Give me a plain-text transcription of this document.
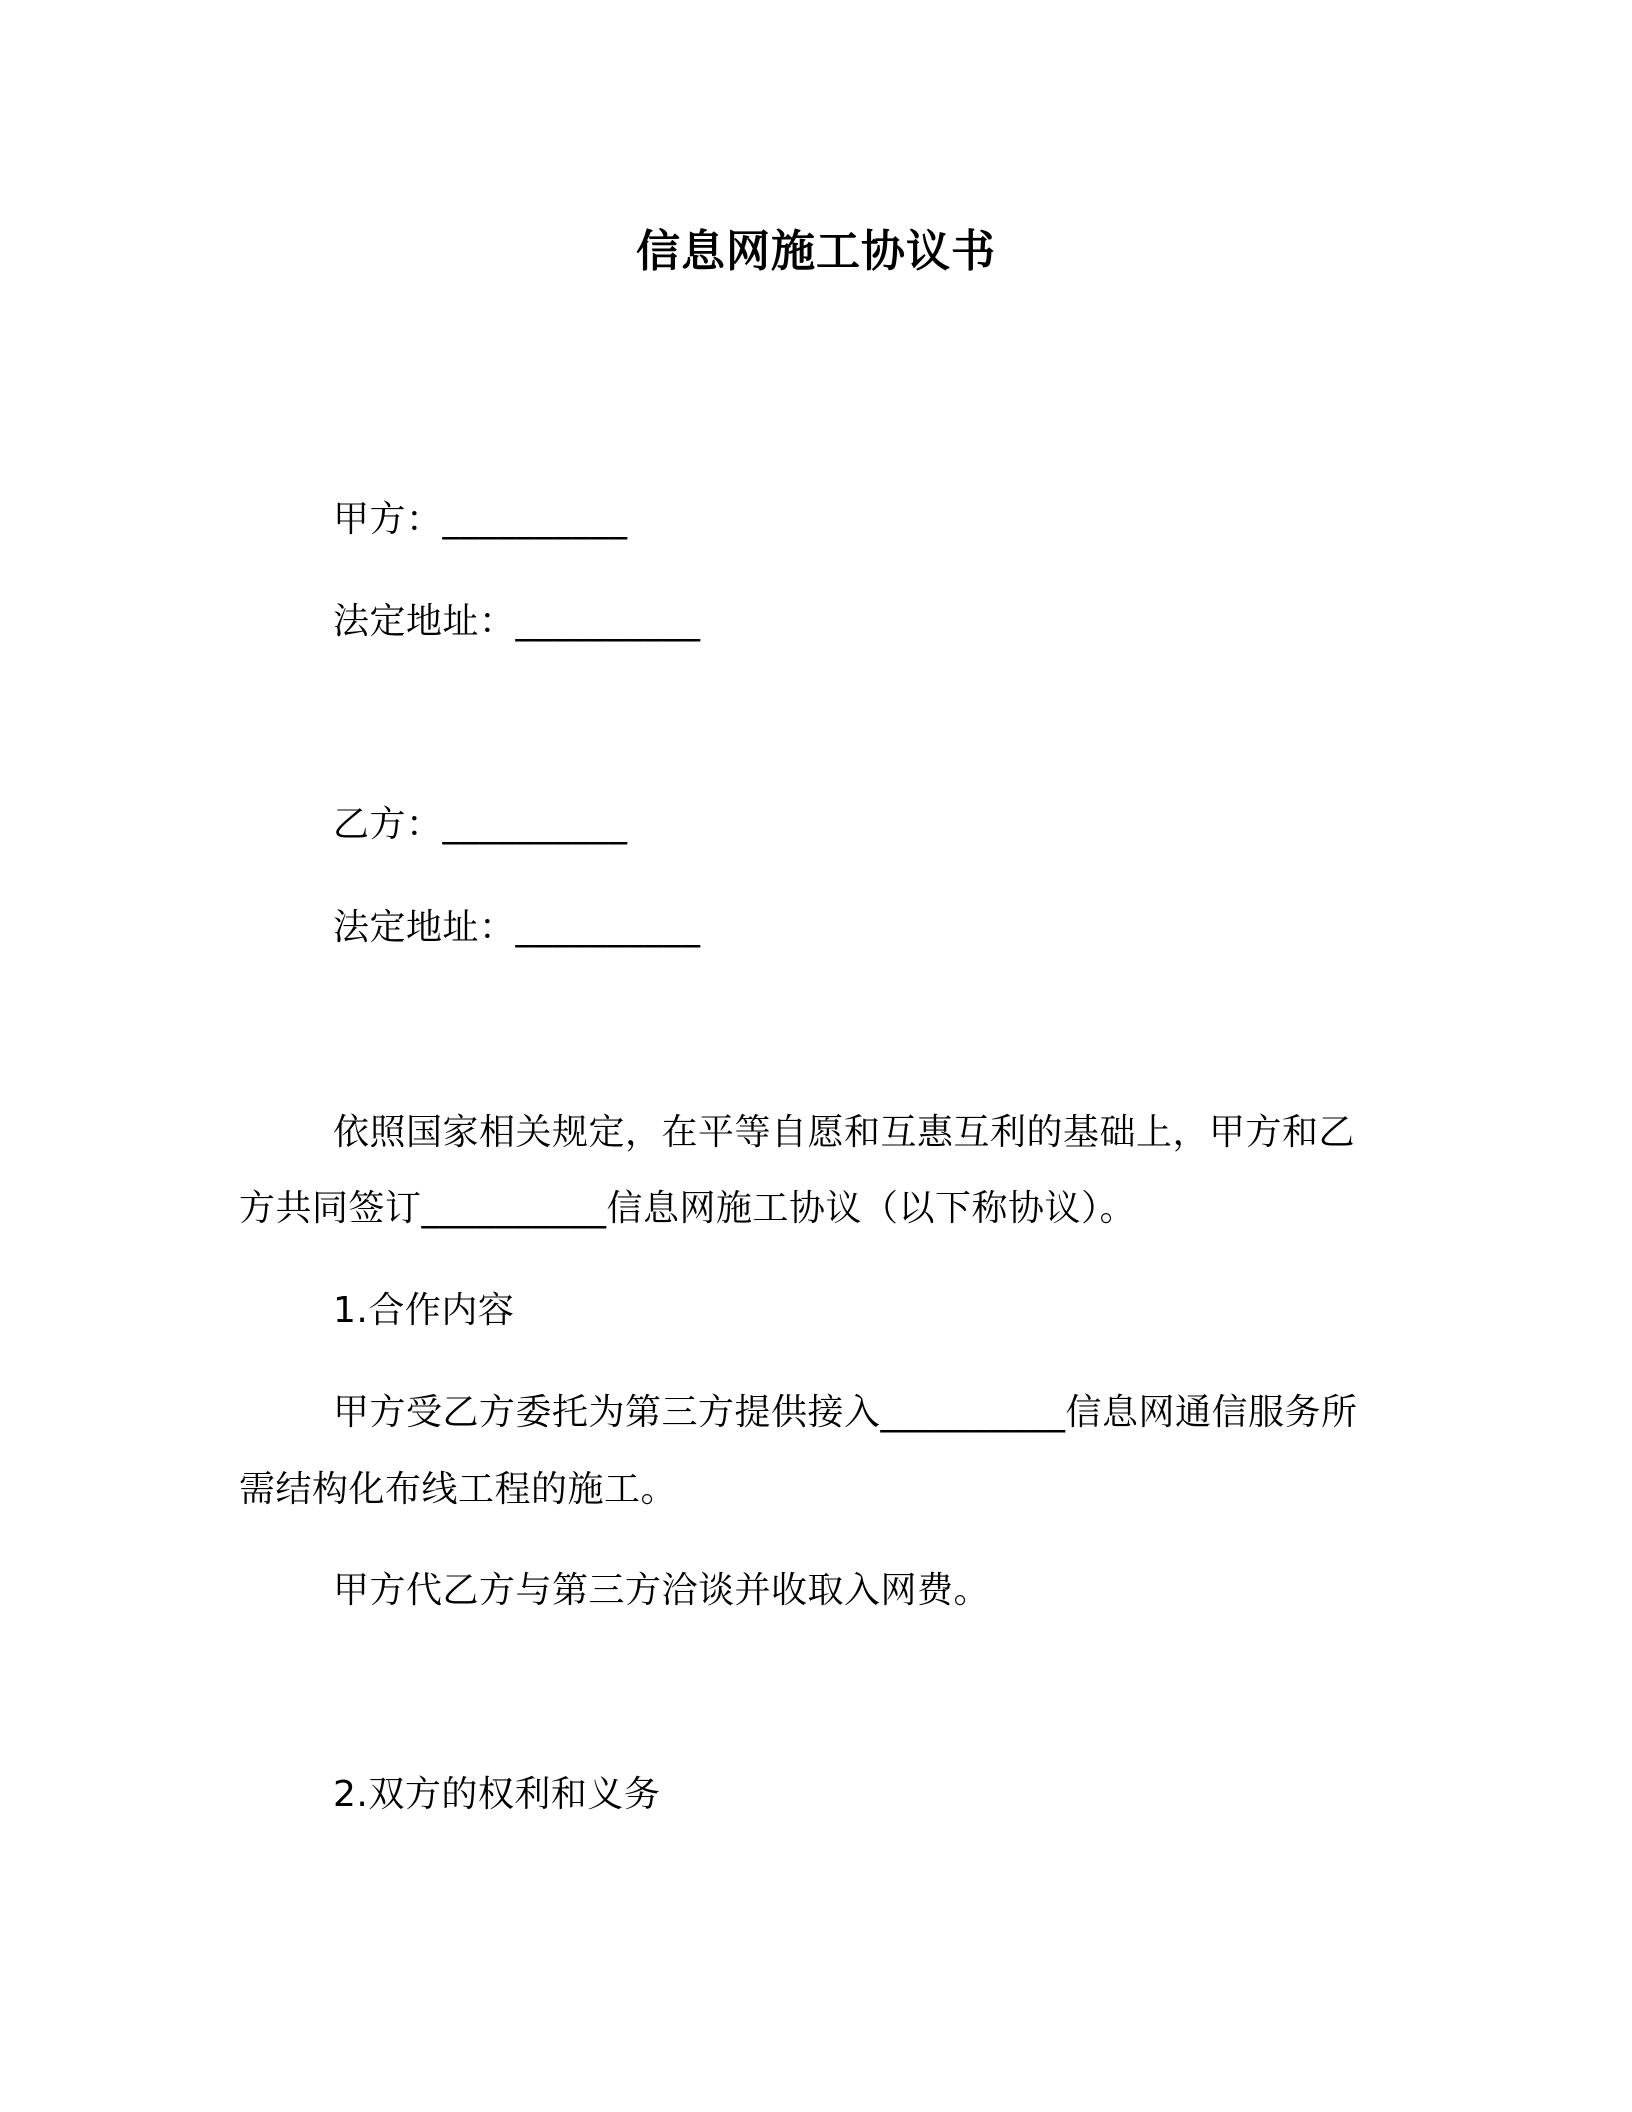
信息网施工协议书
甲方：__________
法定地址：__________
乙方：__________
法定地址：__________
依照国家相关规定，在平等自愿和互惠互利的基础上，甲方和乙
方共同签订__________信息网施工协议（以下称协议）。
1.合作内容
甲方受乙方委托为第三方提供接入__________信息网通信服务所
需结构化布线工程的施工。
甲方代乙方与第三方洽谈并收取入网费。
2.双方的权利和义务
